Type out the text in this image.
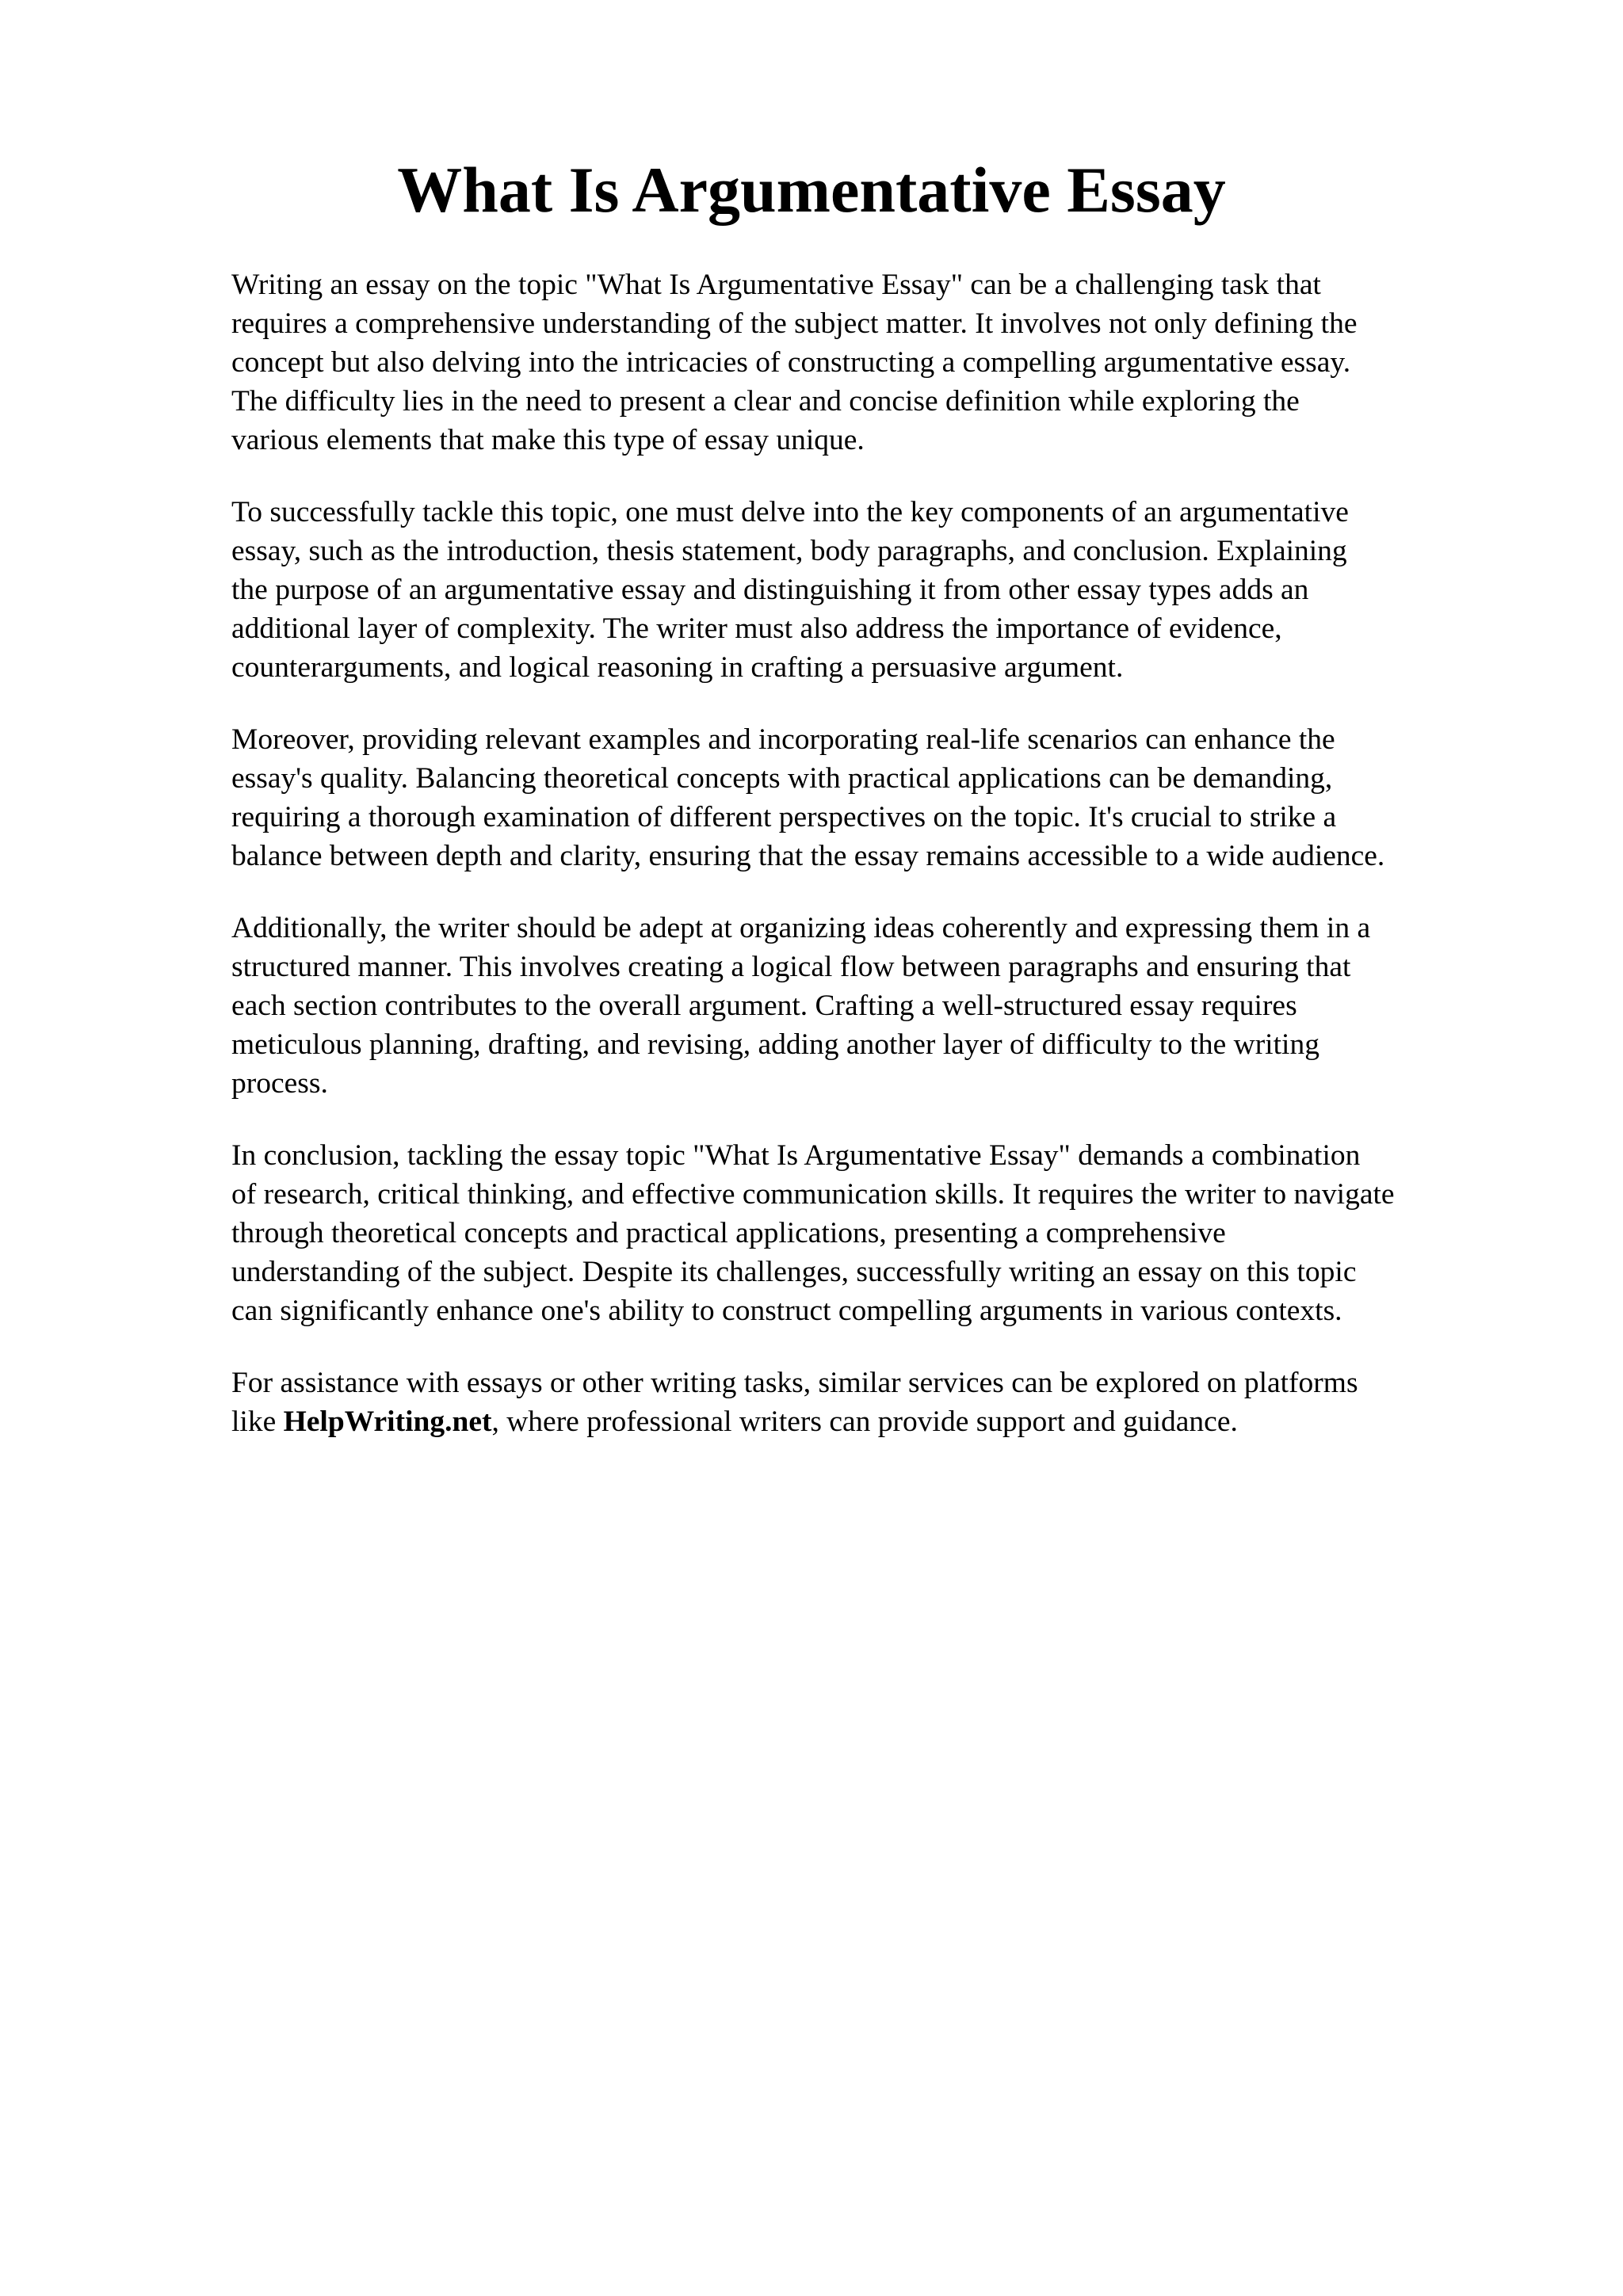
What Is Argumentative Essay

Writing an essay on the topic "What Is Argumentative Essay" can be a challenging task that
requires a comprehensive understanding of the subject matter. It involves not only defining the
concept but also delving into the intricacies of constructing a compelling argumentative essay.
The difficulty lies in the need to present a clear and concise definition while exploring the
various elements that make this type of essay unique.

To successfully tackle this topic, one must delve into the key components of an argumentative
essay, such as the introduction, thesis statement, body paragraphs, and conclusion. Explaining
the purpose of an argumentative essay and distinguishing it from other essay types adds an
additional layer of complexity. The writer must also address the importance of evidence,
counterarguments, and logical reasoning in crafting a persuasive argument.

Moreover, providing relevant examples and incorporating real-life scenarios can enhance the
essay's quality. Balancing theoretical concepts with practical applications can be demanding,
requiring a thorough examination of different perspectives on the topic. It's crucial to strike a
balance between depth and clarity, ensuring that the essay remains accessible to a wide audience.

Additionally, the writer should be adept at organizing ideas coherently and expressing them in a
structured manner. This involves creating a logical flow between paragraphs and ensuring that
each section contributes to the overall argument. Crafting a well-structured essay requires
meticulous planning, drafting, and revising, adding another layer of difficulty to the writing
process.

In conclusion, tackling the essay topic "What Is Argumentative Essay" demands a combination
of research, critical thinking, and effective communication skills. It requires the writer to navigate
through theoretical concepts and practical applications, presenting a comprehensive
understanding of the subject. Despite its challenges, successfully writing an essay on this topic
can significantly enhance one's ability to construct compelling arguments in various contexts.

For assistance with essays or other writing tasks, similar services can be explored on platforms
like HelpWriting.net, where professional writers can provide support and guidance.
